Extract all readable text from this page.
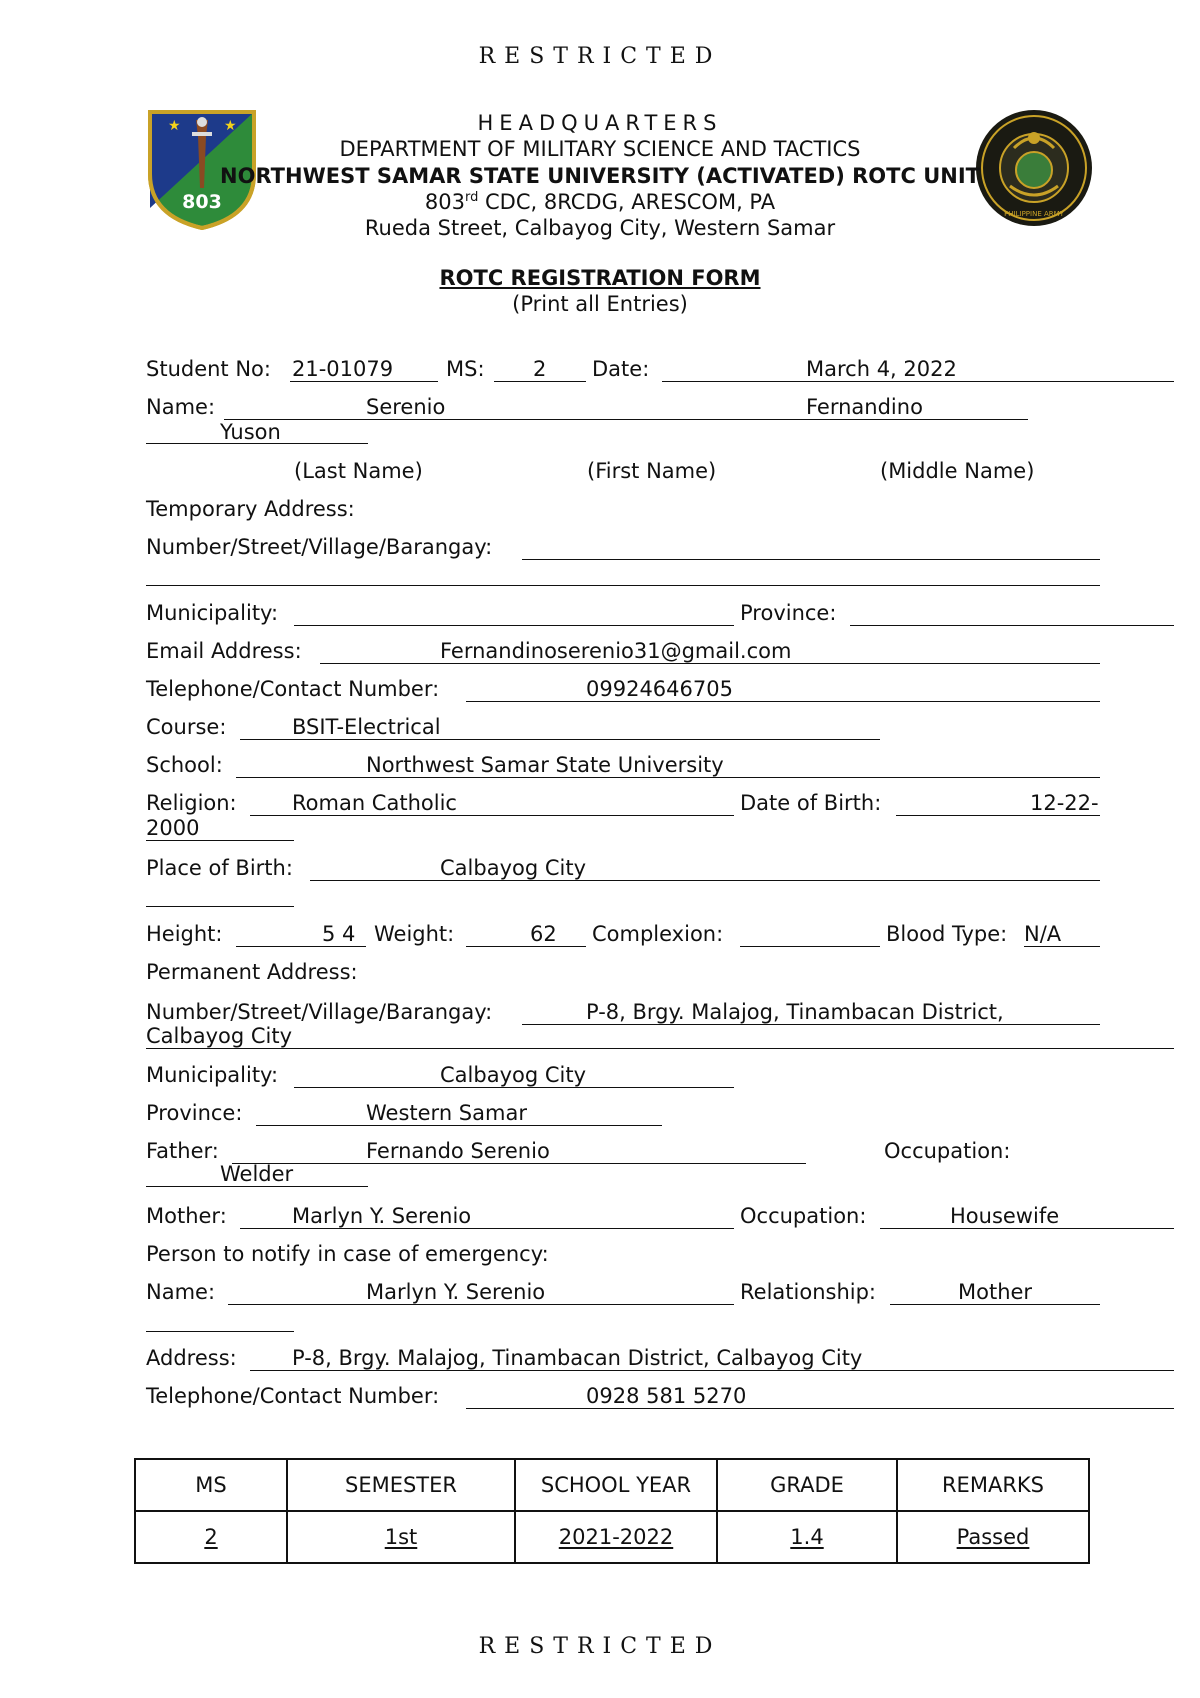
RESTRICTED
★	★
803
PHILIPPINE ARMY
HEADQUARTERS
DEPARTMENT OF MILITARY SCIENCE AND TACTICS
NORTHWEST SAMAR STATE UNIVERSITY (ACTIVATED) ROTC UNIT
803rd CDC, 8RCDG, ARESCOM, PA
Rueda Street, Calbayog City, Western Samar
ROTC REGISTRATION FORM
(Print all Entries)
Student No: 21-01079	MS: 2 Date:	March 4, 2022
Name:	Serenio	Fernandino
Yuson
(Last Name)	(First Name)	(Middle Name)
Temporary Address:
Number/Street/Village/Barangay:
Municipality:	Province:
Email Address:	Fernandinoserenio31@gmail.com
Telephone/Contact Number:	09924646705
Course:	BSIT-Electrical
School:	Northwest Samar State University
Religion:	Roman Catholic	Date of Birth:	12-22-
2000
Place of Birth:	Calbayog City
Height:	5 4 Weight:	62 Complexion:	Blood Type: N/A
Permanent Address:
Number/Street/Village/Barangay:	P-8, Brgy. Malajog, Tinambacan District,
Calbayog City
Municipality:	Calbayog City
Province:	Western Samar
Father:	Fernando Serenio	Occupation:
Welder
Mother:	Marlyn Y. Serenio	Occupation:	Housewife
Person to notify in case of emergency:
Name:	Marlyn Y. Serenio	Relationship:	Mother
Address:	P-8, Brgy. Malajog, Tinambacan District, Calbayog City
Telephone/Contact Number:	0928 581 5270
MS	SEMESTER	SCHOOL YEAR	GRADE	REMARKS
2	1st	2021-2022	1.4	Passed
RESTRICTED
